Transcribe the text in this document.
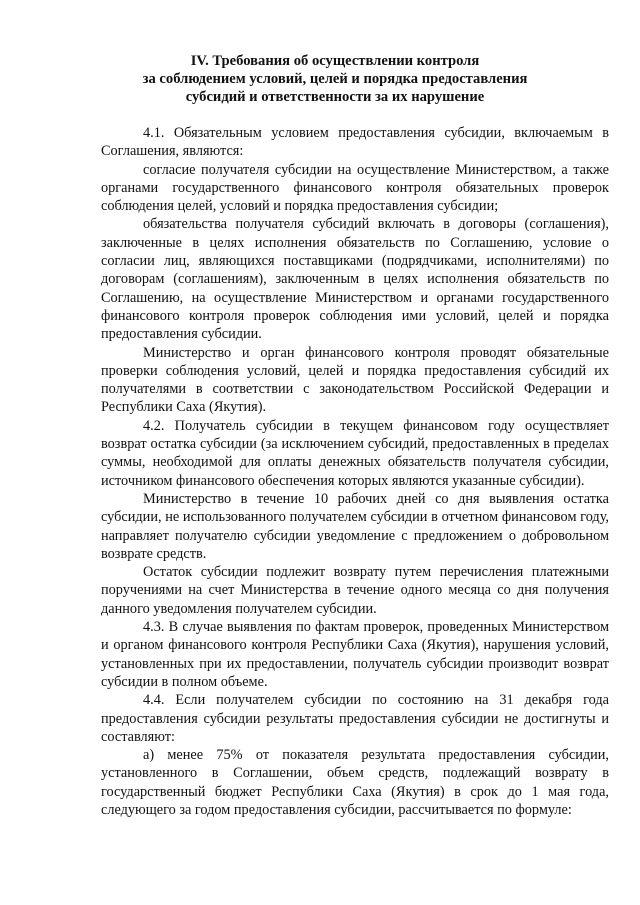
IV. Требования об осуществлении контроля
за соблюдением условий, целей и порядка предоставления
субсидий и ответственности за их нарушение

4.1. Обязательным условием предоставления субсидии, включаемым в Соглашения, являются:

согласие получателя субсидии на осуществление Министерством, а также органами государственного финансового контроля обязательных проверок соблюдения целей, условий и порядка предоставления субсидии;

обязательства получателя субсидий включать в договоры (соглашения), заключенные в целях исполнения обязательств по Соглашению, условие о согласии лиц, являющихся поставщиками (подрядчиками, исполнителями) по договорам (соглашениям), заключенным в целях исполнения обязательств по Соглашению, на осуществление Министерством и органами государственного финансового контроля проверок соблюдения ими условий, целей и порядка предоставления субсидии.

Министерство и орган финансового контроля проводят обязательные проверки соблюдения условий, целей и порядка предоставления субсидий их получателями в соответствии с законодательством Российской Федерации и Республики Саха (Якутия).

4.2. Получатель субсидии в текущем финансовом году осуществляет возврат остатка субсидии (за исключением субсидий, предоставленных в пределах суммы, необходимой для оплаты денежных обязательств получателя субсидии, источником финансового обеспечения которых являются указанные субсидии).

Министерство в течение 10 рабочих дней со дня выявления остатка субсидии, не использованного получателем субсидии в отчетном финансовом году, направляет получателю субсидии уведомление с предложением о добровольном возврате средств.

Остаток субсидии подлежит возврату путем перечисления платежными поручениями на счет Министерства в течение одного месяца со дня получения данного уведомления получателем субсидии.

4.3. В случае выявления по фактам проверок, проведенных Министерством и органом финансового контроля Республики Саха (Якутия), нарушения условий, установленных при их предоставлении, получатель субсидии производит возврат субсидии в полном объеме.

4.4. Если получателем субсидии по состоянию на 31 декабря года предоставления субсидии результаты предоставления субсидии не достигнуты и составляют:

а) менее 75% от показателя результата предоставления субсидии, установленного в Соглашении, объем средств, подлежащий возврату в государственный бюджет Республики Саха (Якутия) в срок до 1 мая года, следующего за годом предоставления субсидии, рассчитывается по формуле:
